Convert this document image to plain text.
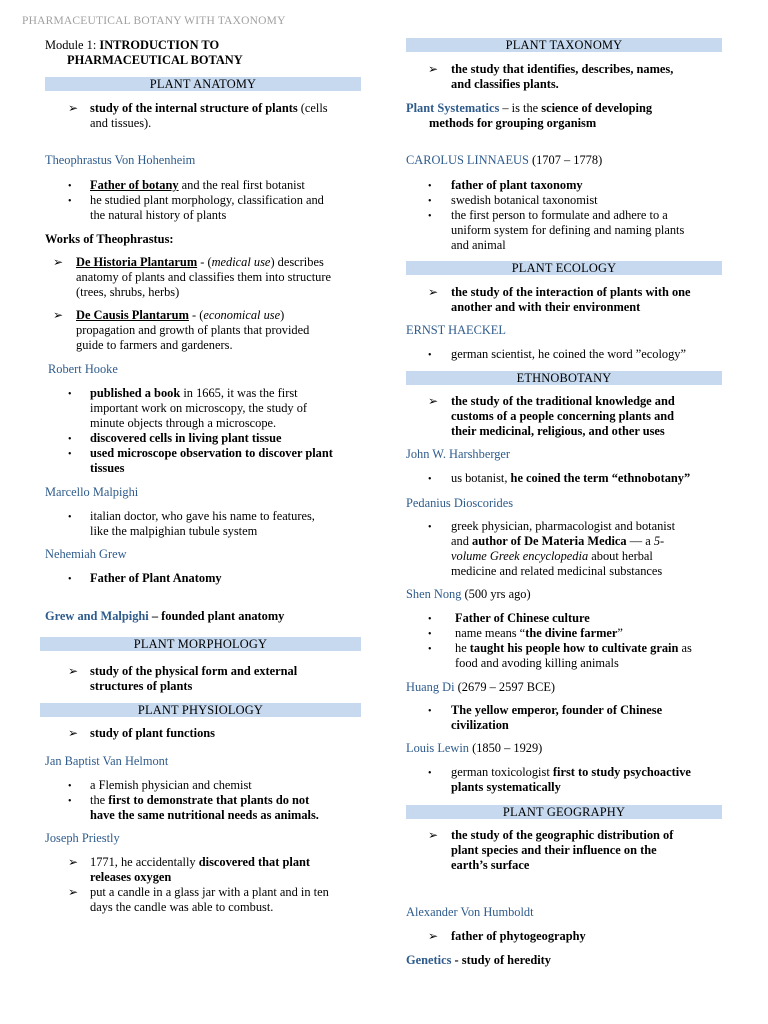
PHARMACEUTICAL BOTANY WITH TAXONOMY
Module 1: INTRODUCTION TO
PHARMACEUTICAL BOTANY
PLANT ANATOMY
➢ study of the internal structure of plants (cells
and tissues).
Theophrastus Von Hohenheim
• Father of botany and the real first botanist
• he studied plant morphology, classification and
the natural history of plants
Works of Theophrastus:
➢ De Historia Plantarum - (medical use) describes
anatomy of plants and classifies them into structure
(trees, shrubs, herbs)
➢ De Causis Plantarum - (economical use)
propagation and growth of plants that provided
guide to farmers and gardeners.
Robert Hooke
• published a book in 1665, it was the first
important work on microscopy, the study of
minute objects through a microscope.
• discovered cells in living plant tissue
• used microscope observation to discover plant
tissues
Marcello Malpighi
• italian doctor, who gave his name to features,
like the malpighian tubule system
Nehemiah Grew
• Father of Plant Anatomy
Grew and Malpighi – founded plant anatomy
PLANT MORPHOLOGY
➢ study of the physical form and external
structures of plants
PLANT PHYSIOLOGY
➢ study of plant functions
Jan Baptist Van Helmont
• a Flemish physician and chemist
• the first to demonstrate that plants do not
have the same nutritional needs as animals.
Joseph Priestly
➢ 1771, he accidentally discovered that plant
releases oxygen
➢ put a candle in a glass jar with a plant and in ten
days the candle was able to combust.
PLANT TAXONOMY
➢ the study that identifies, describes, names,
and classifies plants.
Plant Systematics – is the science of developing
methods for grouping organism
CAROLUS LINNAEUS (1707 – 1778)
• father of plant taxonomy
• swedish botanical taxonomist
• the first person to formulate and adhere to a
uniform system for defining and naming plants
and animal
PLANT ECOLOGY
➢ the study of the interaction of plants with one
another and with their environment
ERNST HAECKEL
• german scientist, he coined the word ”ecology”
ETHNOBOTANY
➢ the study of the traditional knowledge and
customs of a people concerning plants and
their medicinal, religious, and other uses
John W. Harshberger
• us botanist, he coined the term “ethnobotany”
Pedanius Dioscorides
• greek physician, pharmacologist and botanist
and author of De Materia Medica — a 5-
volume Greek encyclopedia about herbal
medicine and related medicinal substances
Shen Nong (500 yrs ago)
• Father of Chinese culture
• name means “the divine farmer”
• he taught his people how to cultivate grain as
food and avoding killing animals
Huang Di (2679 – 2597 BCE)
• The yellow emperor, founder of Chinese
civilization
Louis Lewin (1850 – 1929)
• german toxicologist first to study psychoactive
plants systematically
PLANT GEOGRAPHY
➢ the study of the geographic distribution of
plant species and their influence on the
earth’s surface
Alexander Von Humboldt
➢ father of phytogeography
Genetics - study of heredity
